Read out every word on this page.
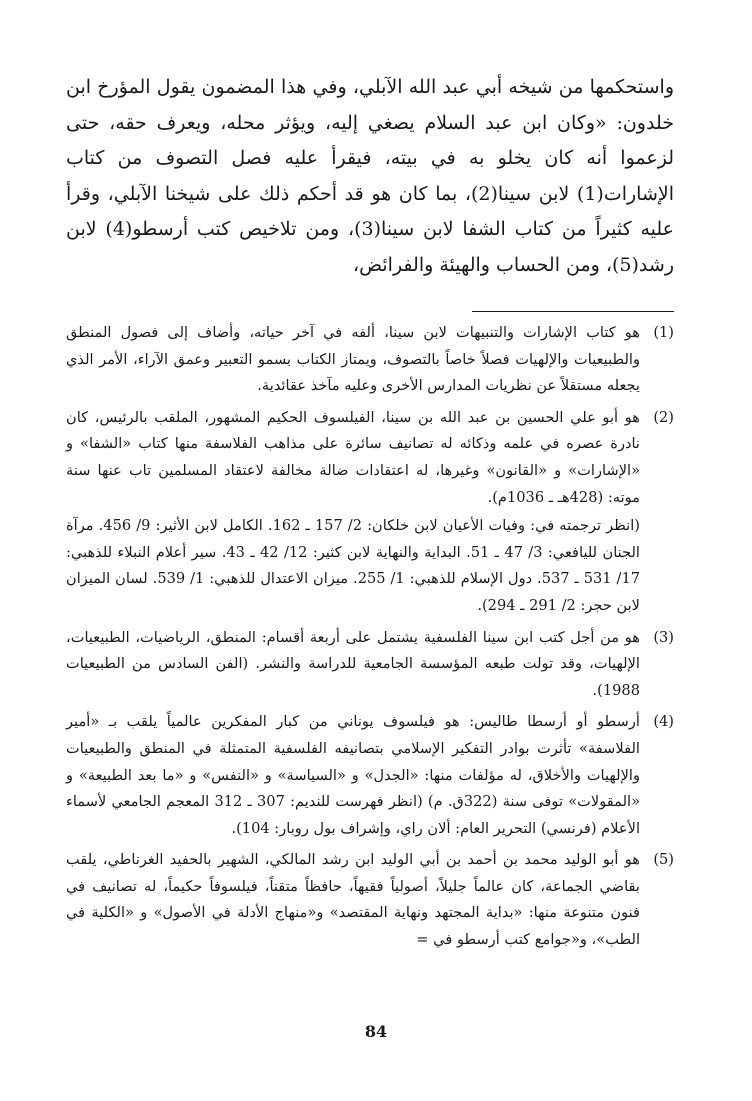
واستحكمها من شيخه أبي عبد الله الآبلي، وفي هذا المضمون يقول المؤرخ ابن خلدون: «وكان ابن عبد السلام يصغي إليه، ويؤثر محله، ويعرف حقه، حتى لزعموا أنه كان يخلو به في بيته، فيقرأ عليه فصل التصوف من كتاب الإشارات(1) لابن سينا(2)، بما كان هو قد أحكم ذلك على شيخنا الآبلي، وقرأ عليه كثيراً من كتاب الشفا لابن سينا(3)، ومن تلاخيص كتب أرسطو(4) لابن رشد(5)، ومن الحساب والهيئة والفرائض،

(1)

هو كتاب الإشارات والتنبيهات لابن سينا، ألفه في آخر حياته، وأضاف إلى فصول المنطق والطبيعيات والإلهيات فصلاً خاصاً بالتصوف، ويمتاز الكتاب بسمو التعبير وعمق الآراء، الأمر الذي يجعله مستقلاً عن نظريات المدارس الأخرى وعليه مآخذ عقائدية.

(2)

هو أبو علي الحسين بن عبد الله بن سينا، الفيلسوف الحكيم المشهور، الملقب بالرئيس، كان نادرة عصره في علمه وذكائه له تصانيف سائرة على مذاهب الفلاسفة منها كتاب «الشفا» و «الإشارات» و «القانون» وغيرها، له اعتقادات ضالة مخالفة لاعتقاد المسلمين تاب عنها سنة موته: (428هـ ـ 1036م).

(انظر ترجمته في: وفيات الأعيان لابن خلكان: 2/ 157 ـ 162. الكامل لابن الأثير: 9/ 456. مرآة الجنان لليافعي: 3/ 47 ـ 51. البداية والنهاية لابن كثير: 12/ 42 ـ 43. سير أعلام النبلاء للذهبي: 17/ 531 ـ 537. دول الإسلام للذهبي: 1/ 255. ميزان الاعتدال للذهبي: 1/ 539. لسان الميزان لابن حجر: 2/ 291 ـ 294).

(3)

هو من أجل كتب ابن سينا الفلسفية يشتمل على أربعة أقسام: المنطق، الرياضيات، الطبيعيات، الإلهيات، وقد تولت طبعه المؤسسة الجامعية للدراسة والنشر. (الفن السادس من الطبيعيات 1988).

(4)

أرسطو أو أرسطا طاليس: هو فيلسوف يوناني من كبار المفكرين عالمياً يلقب بـ «أمير الفلاسفة» تأثرت بوادر التفكير الإسلامي بتصانيفه الفلسفية المتمثلة في المنطق والطبيعيات والإلهيات والأخلاق، له مؤلفات منها: «الجدل» و «السياسة» و «النفس» و «ما بعد الطبيعة» و «المقولات» توفى سنة (322ق. م) (انظر فهرست للنديم: 307 ـ 312 المعجم الجامعي لأسماء الأعلام (فرنسي) التحرير العام: ألان راي، وإشراف بول روبار: 104).

(5)

هو أبو الوليد محمد بن أحمد بن أبي الوليد ابن رشد المالكي، الشهير بالحفيد الغرناطي، يلقب بقاضي الجماعة، كان عالماً جليلاً، أصولياً فقيهاً، حافظاً متقناً، فيلسوفاً حكيماً، له تصانيف في فنون متنوعة منها: «بداية المجتهد ونهاية المقتصد» و«منهاج الأدلة في الأصول» و «الكلية في الطب»، و«جوامع كتب أرسطو في =

84
